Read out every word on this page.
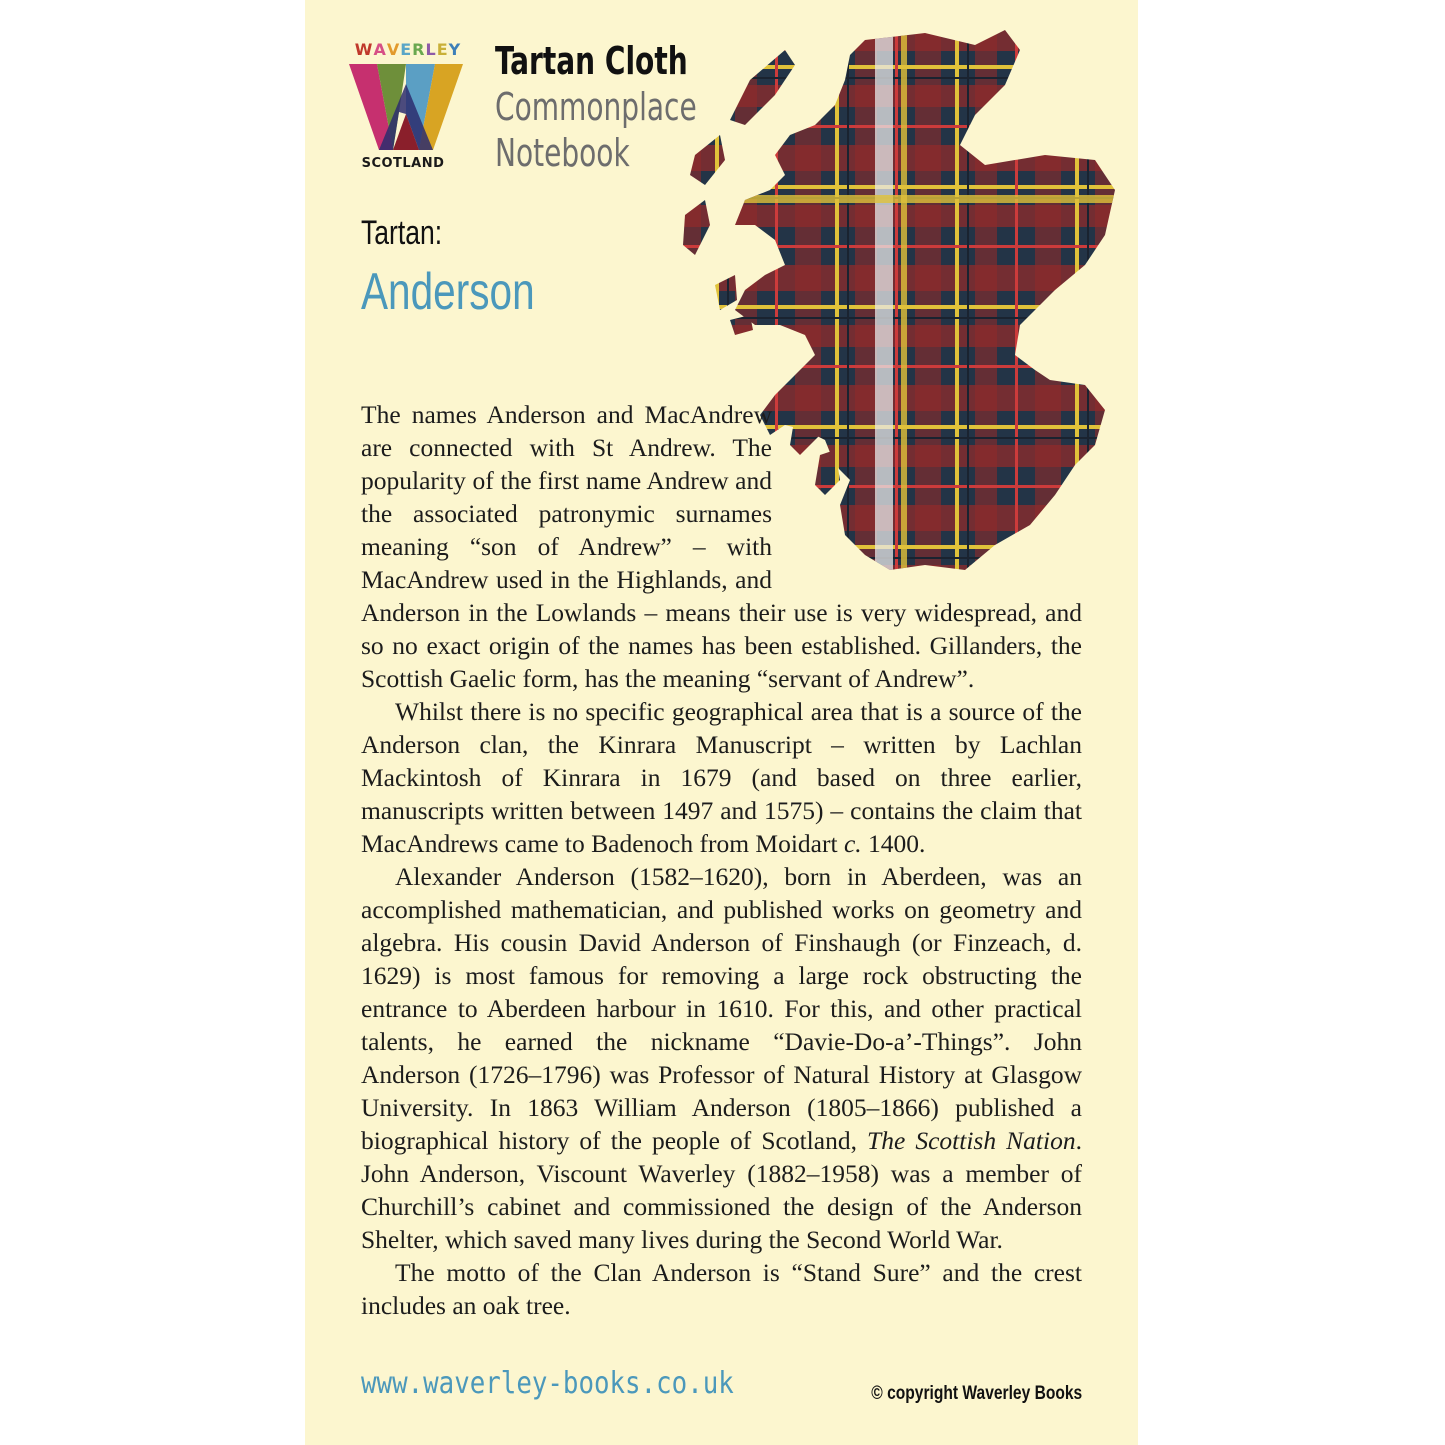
WAVERLEY
SCOTLAND
Tartan Cloth
Commonplace
Notebook
Tartan:
Anderson

The names Anderson and MacAndrew are connected with St Andrew. The popularity of the first name Andrew and the associated patronymic surnames meaning “son of Andrew” – with MacAndrew used in the Highlands, and Anderson in the Lowlands – means their use is very widespread, and so no exact origin of the names has been established. Gillanders, the Scottish Gaelic form, has the meaning “servant of Andrew”.

Whilst there is no specific geographical area that is a source of the Anderson clan, the Kinrara Manuscript – written by Lachlan Mackintosh of Kinrara in 1679 (and based on three earlier, manuscripts written between 1497 and 1575) – contains the claim that MacAndrews came to Badenoch from Moidart c. 1400.

Alexander Anderson (1582–1620), born in Aberdeen, was an accomplished mathematician, and published works on geometry and algebra. His cousin David Anderson of Finshaugh (or Finzeach, d. 1629) is most famous for removing a large rock obstructing the entrance to Aberdeen harbour in 1610. For this, and other practical talents, he earned the nickname “Davie-Do-a’-Things”. John Anderson (1726–1796) was Professor of Natural History at Glasgow University. In 1863 William Anderson (1805–1866) published a biographical history of the people of Scotland, The Scottish Nation. John Anderson, Viscount Waverley (1882–1958) was a member of Churchill’s cabinet and commissioned the design of the Anderson Shelter, which saved many lives during the Second World War.

The motto of the Clan Anderson is “Stand Sure” and the crest includes an oak tree.

www.waverley-books.co.uk	© copyright Waverley Books
